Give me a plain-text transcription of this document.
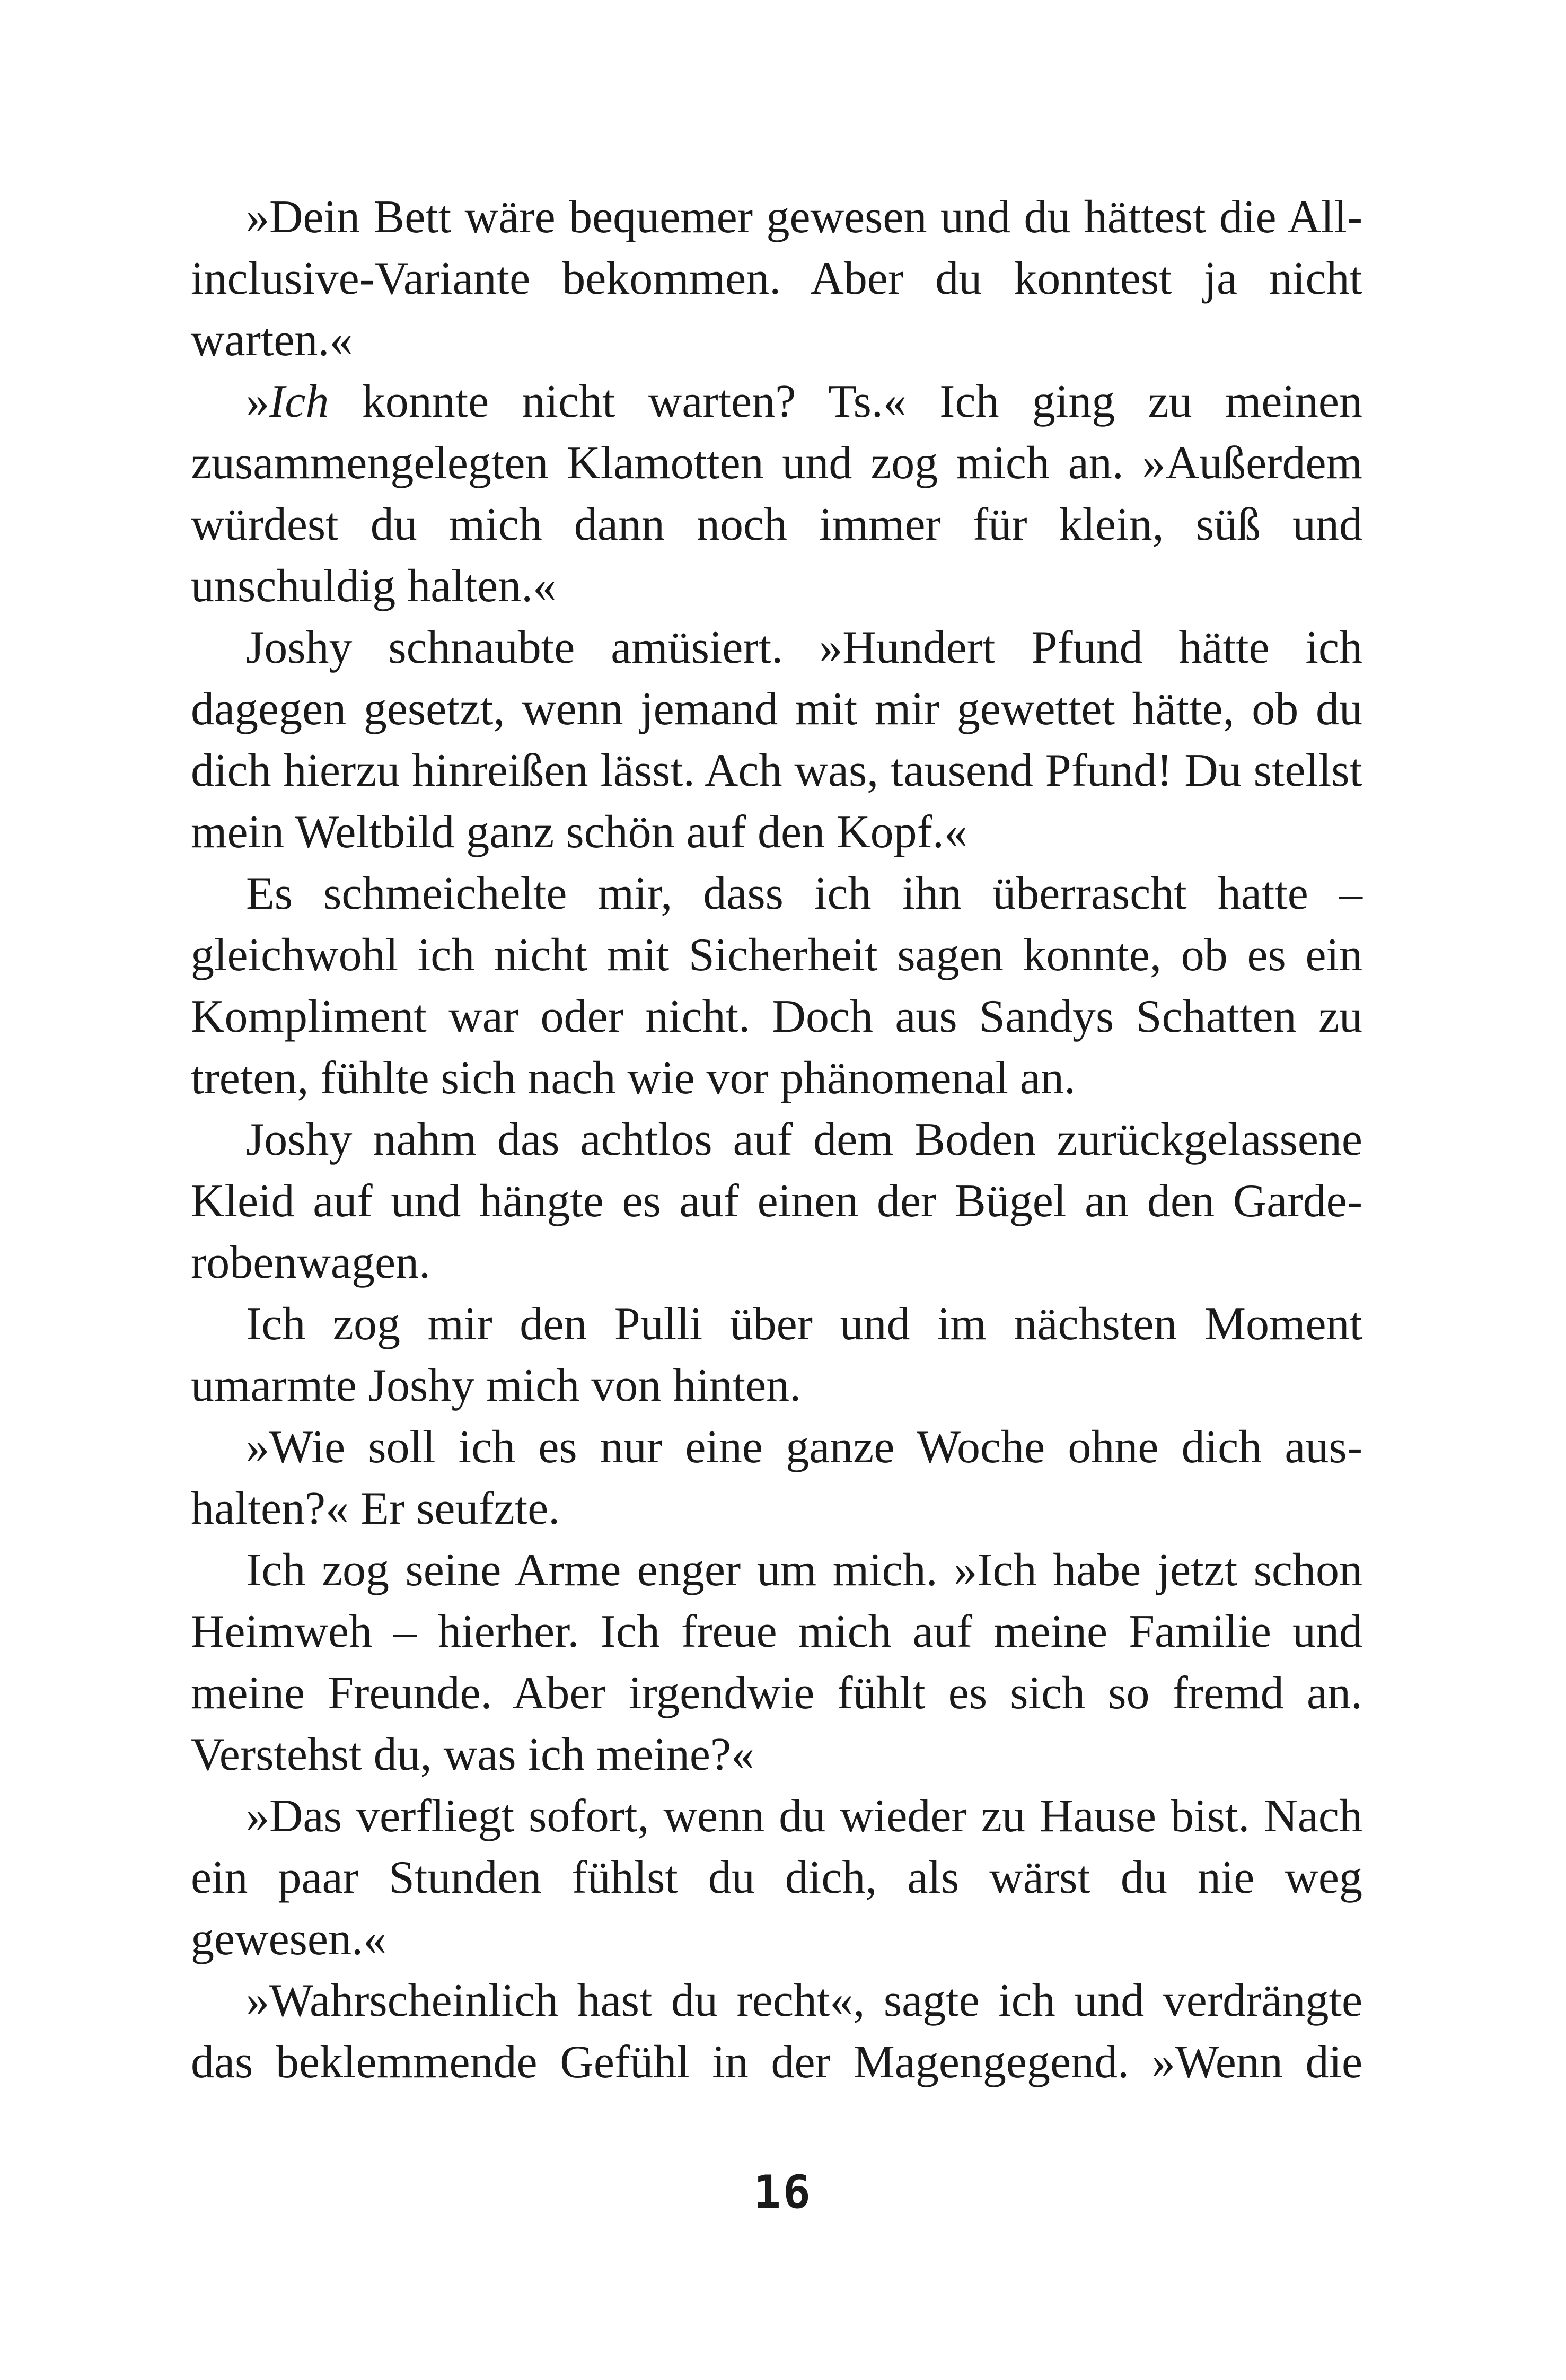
»Dein Bett wäre bequemer gewesen und du hättest die Allinclusive-Variante bekommen. Aber du konntest ja nicht warten.«

»Ich konnte nicht warten? Ts.« Ich ging zu meinen zusammengelegten Klamotten und zog mich an. »Außerdem würdest du mich dann noch immer für klein, süß und unschuldig halten.«

Joshy schnaubte amüsiert. »Hundert Pfund hätte ich dagegen gesetzt, wenn jemand mit mir gewettet hätte, ob du dich hierzu hinreißen lässt. Ach was, tausend Pfund! Du stellst mein Weltbild ganz schön auf den Kopf.«

Es schmeichelte mir, dass ich ihn überrascht hatte – gleichwohl ich nicht mit Sicherheit sagen konnte, ob es ein Kompliment war oder nicht. Doch aus Sandys Schatten zu treten, fühlte sich nach wie vor phänomenal an.

Joshy nahm das achtlos auf dem Boden zurückgelassene Kleid auf und hängte es auf einen der Bügel an den Garderobenwagen.

Ich zog mir den Pulli über und im nächsten Moment umarmte Joshy mich von hinten.

»Wie soll ich es nur eine ganze Woche ohne dich aushalten?« Er seufzte.

Ich zog seine Arme enger um mich. »Ich habe jetzt schon Heimweh – hierher. Ich freue mich auf meine Familie und meine Freunde. Aber irgendwie fühlt es sich so fremd an. Verstehst du, was ich meine?«

»Das verfliegt sofort, wenn du wieder zu Hause bist. Nach ein paar Stunden fühlst du dich, als wärst du nie weg gewesen.«

»Wahrscheinlich hast du recht«, sagte ich und verdrängte das beklemmende Gefühl in der Magengegend. »Wenn die

16
